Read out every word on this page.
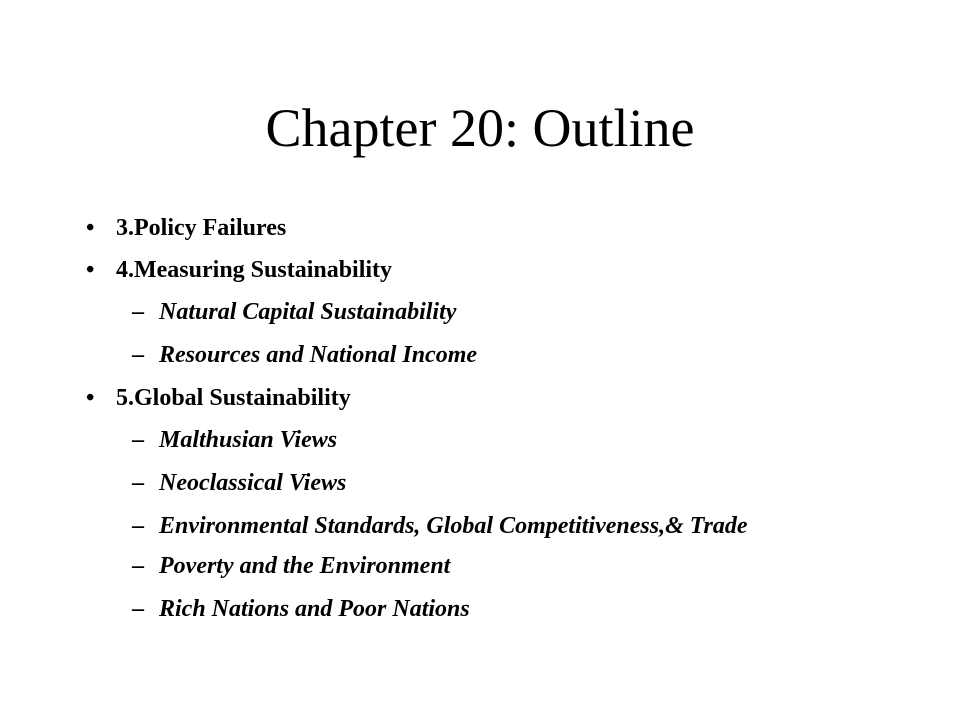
Chapter 20: Outline
• 3.Policy Failures
• 4.Measuring Sustainability
– Natural Capital Sustainability
– Resources and National Income
• 5.Global Sustainability
– Malthusian Views
– Neoclassical Views
– Environmental Standards, Global Competitiveness,& Trade
– Poverty and the Environment
– Rich Nations and Poor Nations
